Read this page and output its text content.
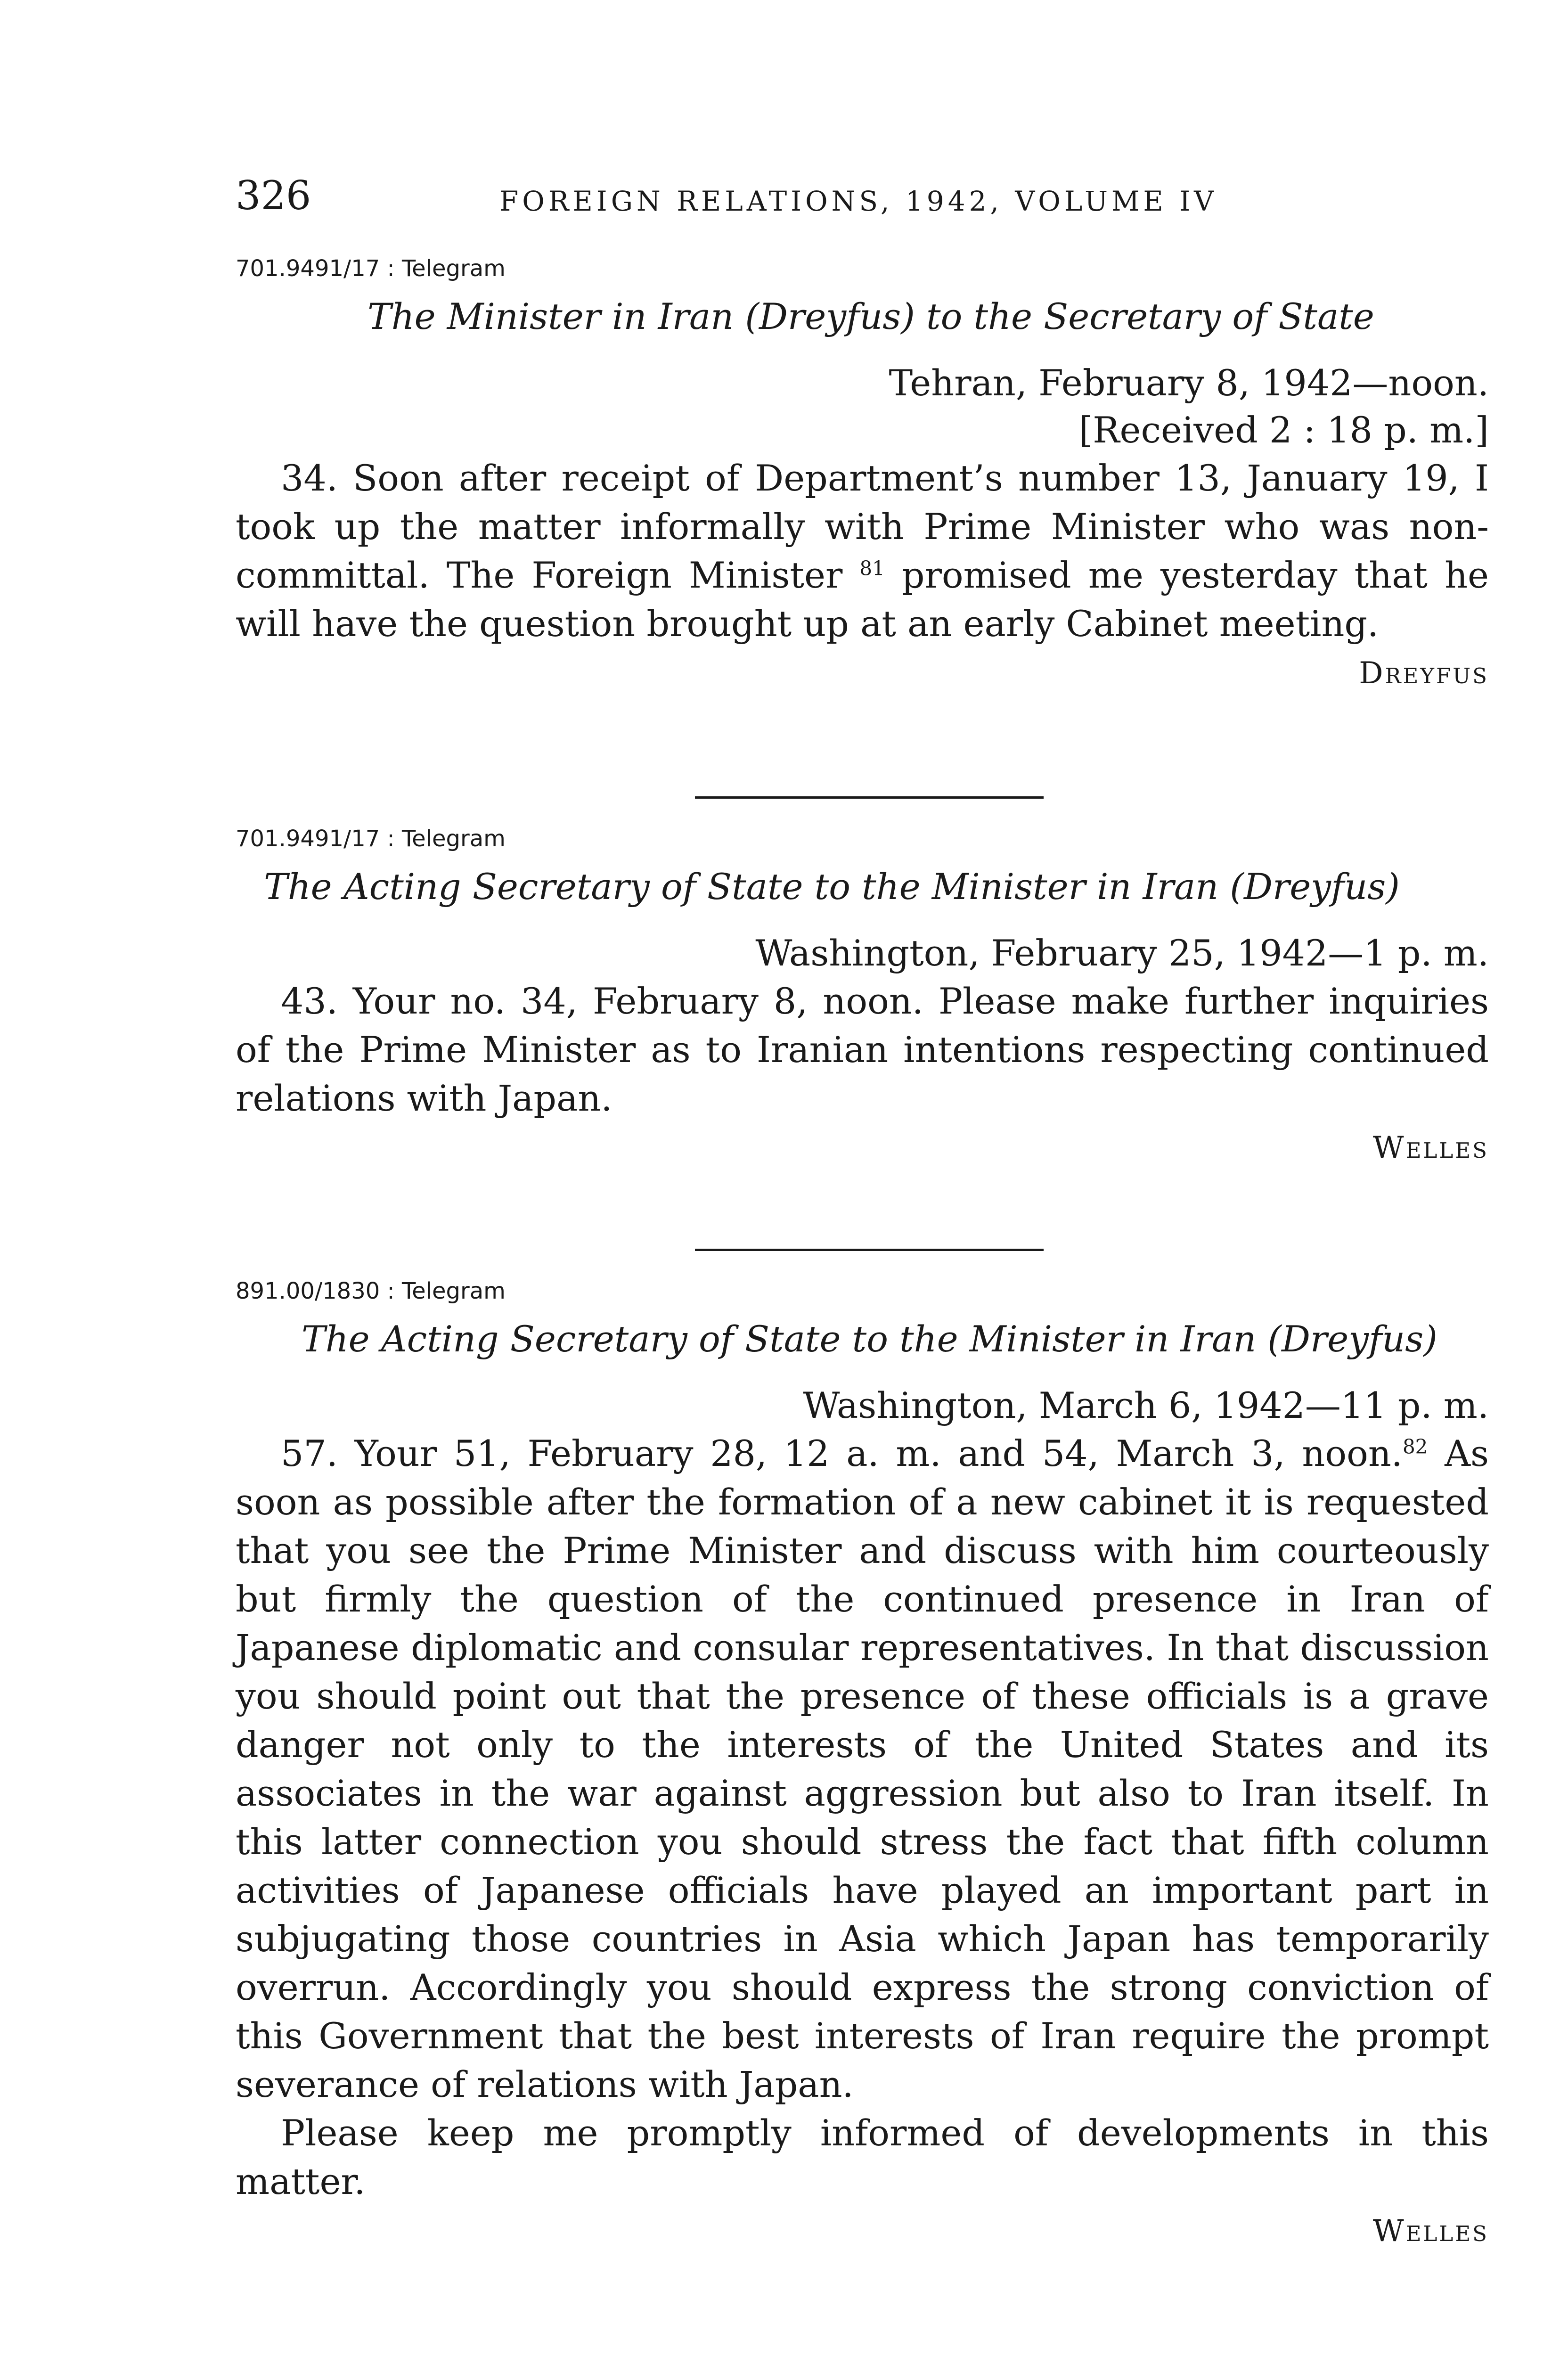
326	FOREIGN RELATIONS, 1942, VOLUME IV

701.9491/17 : Telegram

The Minister in Iran (Dreyfus) to the Secretary of State

Tehran, February 8, 1942—noon.

[Received 2 : 18 p. m.]

34. Soon after receipt of Department’s number 13, January 19, I took up the matter informally with Prime Minister who was non-committal. The Foreign Minister $^{81}$ promised me yesterday that he will have the question brought up at an early Cabinet meeting.

Dreyfus

701.9491/17 : Telegram

The Acting Secretary of State to the Minister in Iran (Dreyfus)

Washington, February 25, 1942—1 p. m.

43. Your no. 34, February 8, noon. Please make further inquiries of the Prime Minister as to Iranian intentions respecting continued relations with Japan.

Welles

891.00/1830 : Telegram

The Acting Secretary of State to the Minister in Iran (Dreyfus)

Washington, March 6, 1942—11 p. m.

57. Your 51, February 28, 12 a. m. and 54, March 3, noon.$^{82}$ As soon as possible after the formation of a new cabinet it is requested that you see the Prime Minister and discuss with him courteously but firmly the question of the continued presence in Iran of Japanese diplomatic and consular representatives. In that discussion you should point out that the presence of these officials is a grave danger not only to the interests of the United States and its associates in the war against aggression but also to Iran itself. In this latter connection you should stress the fact that fifth column activities of Japanese officials have played an important part in subjugating those countries in Asia which Japan has temporarily overrun. Accordingly you should express the strong conviction of this Government that the best interests of Iran require the prompt severance of relations with Japan.

Please keep me promptly informed of developments in this matter.

Welles
